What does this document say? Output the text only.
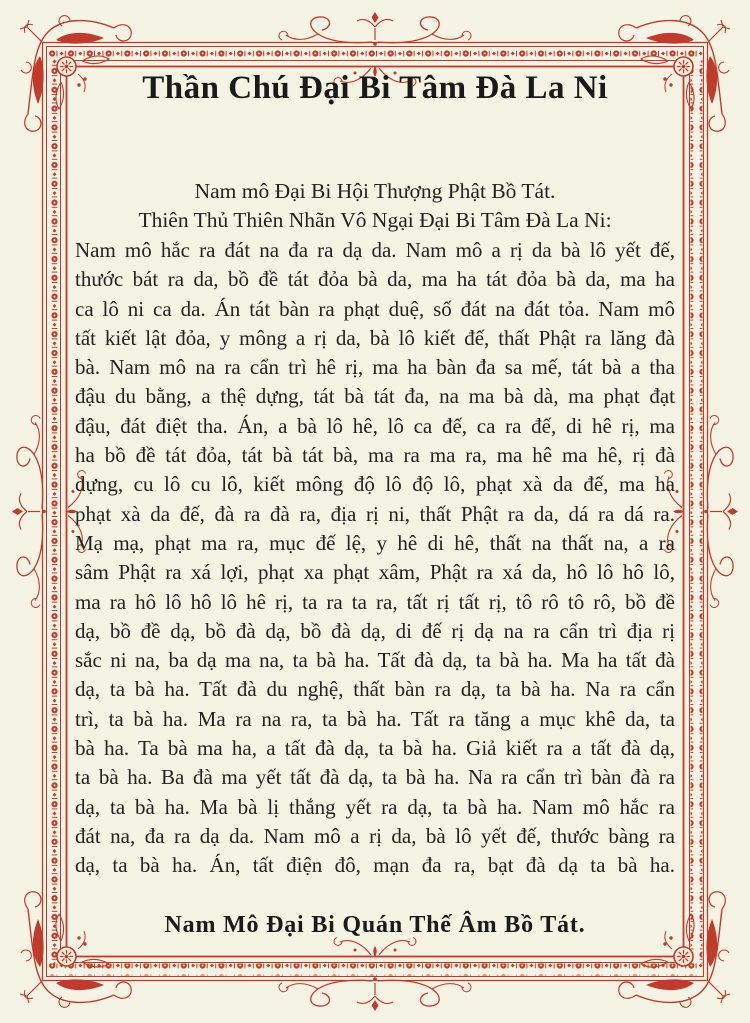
Thần Chú Đại Bi Tâm Đà La Ni
Nam mô Đại Bi Hội Thượng Phật Bồ Tát.
Thiên Thủ Thiên Nhãn Vô Ngại Đại Bi Tâm Đà La Ni:
Nam mô hắc ra đát na đa ra dạ da. Nam mô a rị da bà lô yết đế,
thước bát ra da, bồ đề tát đỏa bà da, ma ha tát đỏa bà da, ma ha
ca lô ni ca da. Án tát bàn ra phạt duệ, số đát na đát tỏa. Nam mô
tất kiết lật đỏa, y mông a rị da, bà lô kiết đế, thất Phật ra lăng đà
bà. Nam mô na ra cẩn trì hê rị, ma ha bàn đa sa mế, tát bà a tha
đậu du bằng, a thệ dựng, tát bà tát đa, na ma bà dà, ma phạt đạt
đậu, đát điệt tha. Án, a bà lô hê, lô ca đế, ca ra đế, di hê rị, ma
ha bồ đề tát đỏa, tát bà tát bà, ma ra ma ra, ma hê ma hê, rị đà
dựng, cu lô cu lô, kiết mông độ lô độ lô, phạt xà da đế, ma ha
phạt xà da đế, đà ra đà ra, địa rị ni, thất Phật ra da, dá ra dá ra.
Mạ mạ, phạt ma ra, mục đế lệ, y hê di hê, thất na thất na, a ra
sâm Phật ra xá lợi, phạt xa phạt xâm, Phật ra xá da, hô lô hô lô,
ma ra hô lô hô lô hê rị, ta ra ta ra, tất rị tất rị, tô rô tô rô, bồ đề
dạ, bồ đề dạ, bồ đà dạ, bồ đà dạ, di đế rị dạ na ra cẩn trì địa rị
sắc ni na, ba dạ ma na, ta bà ha. Tất đà dạ, ta bà ha. Ma ha tất đà
dạ, ta bà ha. Tất đà du nghệ, thất bàn ra dạ, ta bà ha. Na ra cẩn
trì, ta bà ha. Ma ra na ra, ta bà ha. Tất ra tăng a mục khê da, ta
bà ha. Ta bà ma ha, a tất đà dạ, ta bà ha. Giả kiết ra a tất đà dạ,
ta bà ha. Ba đà ma yết tất đà dạ, ta bà ha. Na ra cẩn trì bàn đà ra
dạ, ta bà ha. Ma bà lị thắng yết ra dạ, ta bà ha. Nam mô hắc ra
đát na, đa ra dạ da. Nam mô a rị da, bà lô yết đế, thước bàng ra
dạ, ta bà ha. Án, tất điện đô, mạn đa ra, bạt đà dạ ta bà ha.
Nam Mô Đại Bi Quán Thế Âm Bồ Tát.
